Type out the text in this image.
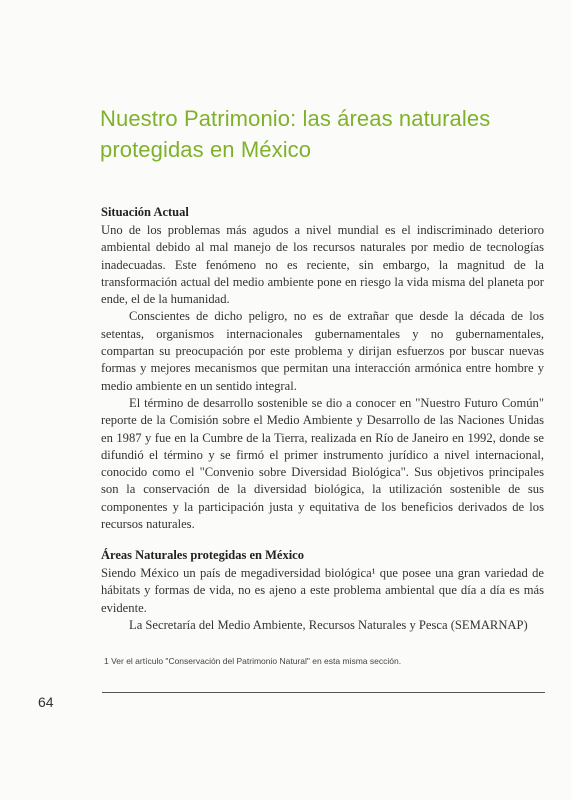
Nuestro Patrimonio: las áreas naturales
protegidas en México
Situación Actual

Uno de los problemas más agudos a nivel mundial es el indiscriminado deterioro ambiental debido al mal manejo de los recursos naturales por medio de tecnologías inadecuadas. Este fenómeno no es reciente, sin embargo, la magnitud de la transformación actual del medio ambiente pone en riesgo la vida misma del planeta por ende, el de la humanidad.

Conscientes de dicho peligro, no es de extrañar que desde la década de los setentas, organismos internacionales gubernamentales y no gubernamentales, compartan su preocupación por este problema y dirijan esfuerzos por buscar nuevas formas y mejores mecanismos que permitan una interacción armónica entre hombre y medio ambiente en un sentido integral.

El término de desarrollo sostenible se dio a conocer en "Nuestro Futuro Común" reporte de la Comisión sobre el Medio Ambiente y Desarrollo de las Naciones Unidas en 1987 y fue en la Cumbre de la Tierra, realizada en Río de Janeiro en 1992, donde se difundió el término y se firmó el primer instrumento jurídico a nivel internacional, conocido como el "Convenio sobre Diversidad Biológica". Sus objetivos principales son la conservación de la diversidad biológica, la utilización sostenible de sus componentes y la participación justa y equitativa de los beneficios derivados de los recursos naturales.

Áreas Naturales protegidas en México

Siendo México un país de megadiversidad biológica¹ que posee una gran variedad de hábitats y formas de vida, no es ajeno a este problema ambiental que día a día es más evidente.

La Secretaría del Medio Ambiente, Recursos Naturales y Pesca (SEMARNAP)

1 Ver el artículo "Conservación del Patrimonio Natural" en esta misma sección.
64
